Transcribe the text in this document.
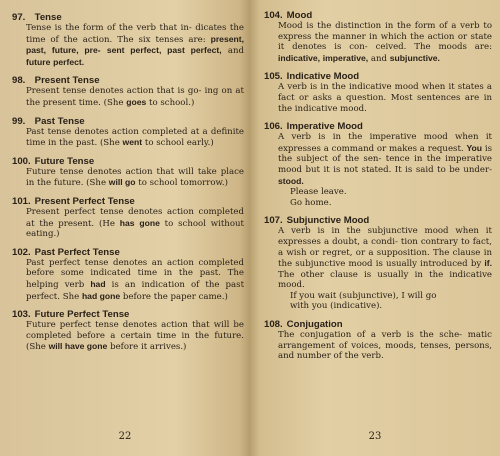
97. Tense
Tense is the form of the verb that in- dicates the time of the action. The six tenses are: present, past, future, pre- sent perfect, past perfect, and future perfect.
98. Present Tense
Present tense denotes action that is go- ing on at the present time. (She goes to school.)
99. Past Tense
Past tense denotes action completed at a definite time in the past. (She went to school early.)
100. Future Tense
Future tense denotes action that will take place in the future. (She will go to school tomorrow.)
101. Present Perfect Tense
Present perfect tense denotes action completed at the present. (He has gone to school without eating.)
102. Past Perfect Tense
Past perfect tense denotes an action completed before some indicated time in the past. The helping verb had is an indication of the past perfect. She had gone before the paper came.)
103. Future Perfect Tense
Future perfect tense denotes action that will be completed before a certain time in the future. (She will have gone before it arrives.)
22
104. Mood
Mood is the distinction in the form of a verb to express the manner in which the action or state it denotes is con- ceived. The moods are: indicative, imperative, and subjunctive.
105. Indicative Mood
A verb is in the indicative mood when it states a fact or asks a question. Most sentences are in the indicative mood.
106. Imperative Mood
A verb is in the imperative mood when it expresses a command or makes a request. You is the subject of the sen- tence in the imperative mood but it is not stated. It is said to be under- stood.
Please leave.
Go home.
107. Subjunctive Mood
A verb is in the subjunctive mood when it expresses a doubt, a condi- tion contrary to fact, a wish or regret, or a supposition. The clause in the subjunctive mood is usually introduced by if. The other clause is usually in the indicative mood.
If you wait (subjunctive), I will go
with you (indicative).
108. Conjugation
The conjugation of a verb is the sche- matic arrangement of voices, moods, tenses, persons, and number of the verb.
23
